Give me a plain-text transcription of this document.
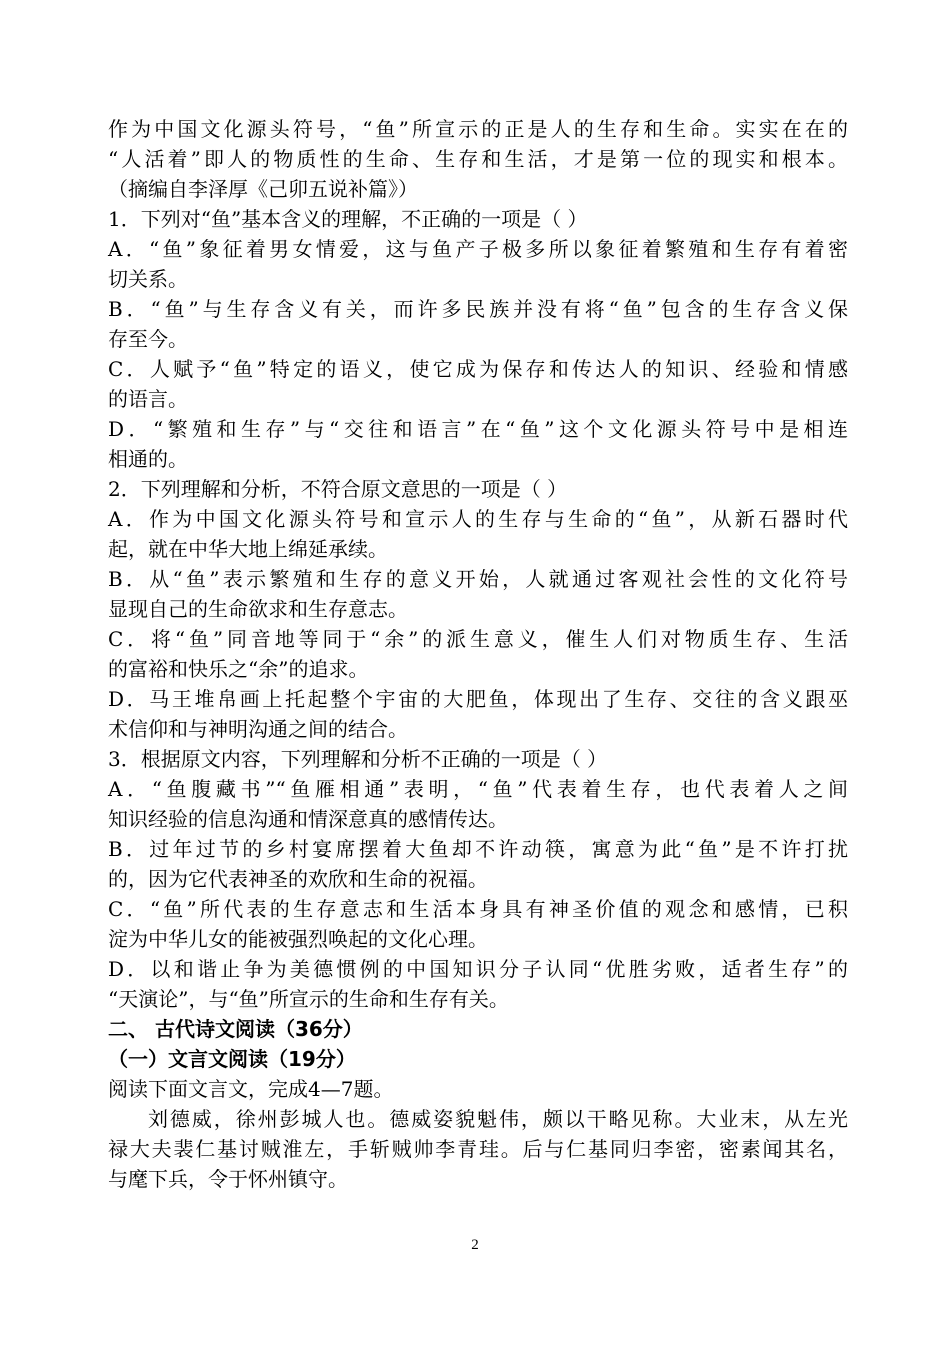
作为中国文化源头符号，“鱼”所宣示的正是人的生存和生命。实实在在的
“人活着”即人的物质性的生命、生存和生活，才是第一位的现实和根本。
（摘编自李泽厚《己卯五说补篇》）
1．下列对“鱼”基本含义的理解，不正确的一项是（ ）
A．“鱼”象征着男女情爱，这与鱼产子极多所以象征着繁殖和生存有着密
切关系。
B．“鱼”与生存含义有关，而许多民族并没有将“鱼”包含的生存含义保
存至今。
C．人赋予“鱼”特定的语义，使它成为保存和传达人的知识、经验和情感
的语言。
D．“繁殖和生存”与“交往和语言”在“鱼”这个文化源头符号中是相连
相通的。
2．下列理解和分析，不符合原文意思的一项是（ ）
A．作为中国文化源头符号和宣示人的生存与生命的“鱼”，从新石器时代
起，就在中华大地上绵延承续。
B．从“鱼”表示繁殖和生存的意义开始，人就通过客观社会性的文化符号
显现自己的生命欲求和生存意志。
C．将“鱼”同音地等同于“余”的派生意义，催生人们对物质生存、生活
的富裕和快乐之“余”的追求。
D．马王堆帛画上托起整个宇宙的大肥鱼，体现出了生存、交往的含义跟巫
术信仰和与神明沟通之间的结合。
3．根据原文内容，下列理解和分析不正确的一项是（ ）
A．“鱼腹藏书”“鱼雁相通”表明，“鱼”代表着生存，也代表着人之间
知识经验的信息沟通和情深意真的感情传达。
B．过年过节的乡村宴席摆着大鱼却不许动筷，寓意为此“鱼”是不许打扰
的，因为它代表神圣的欢欣和生命的祝福。
C．“鱼”所代表的生存意志和生活本身具有神圣价值的观念和感情，已积
淀为中华儿女的能被强烈唤起的文化心理。
D．以和谐止争为美德惯例的中国知识分子认同“优胜劣败，适者生存”的
“天演论”，与“鱼”所宣示的生命和生存有关。
二、 古代诗文阅读（36分）
（一）文言文阅读（19分）
阅读下面文言文，完成4—7题。
刘德威，徐州彭城人也。德威姿貌魁伟，颇以干略见称。大业末，从左光
禄大夫裴仁基讨贼淮左，手斩贼帅李青珪。后与仁基同归李密，密素闻其名，
与麾下兵，令于怀州镇守。
2
